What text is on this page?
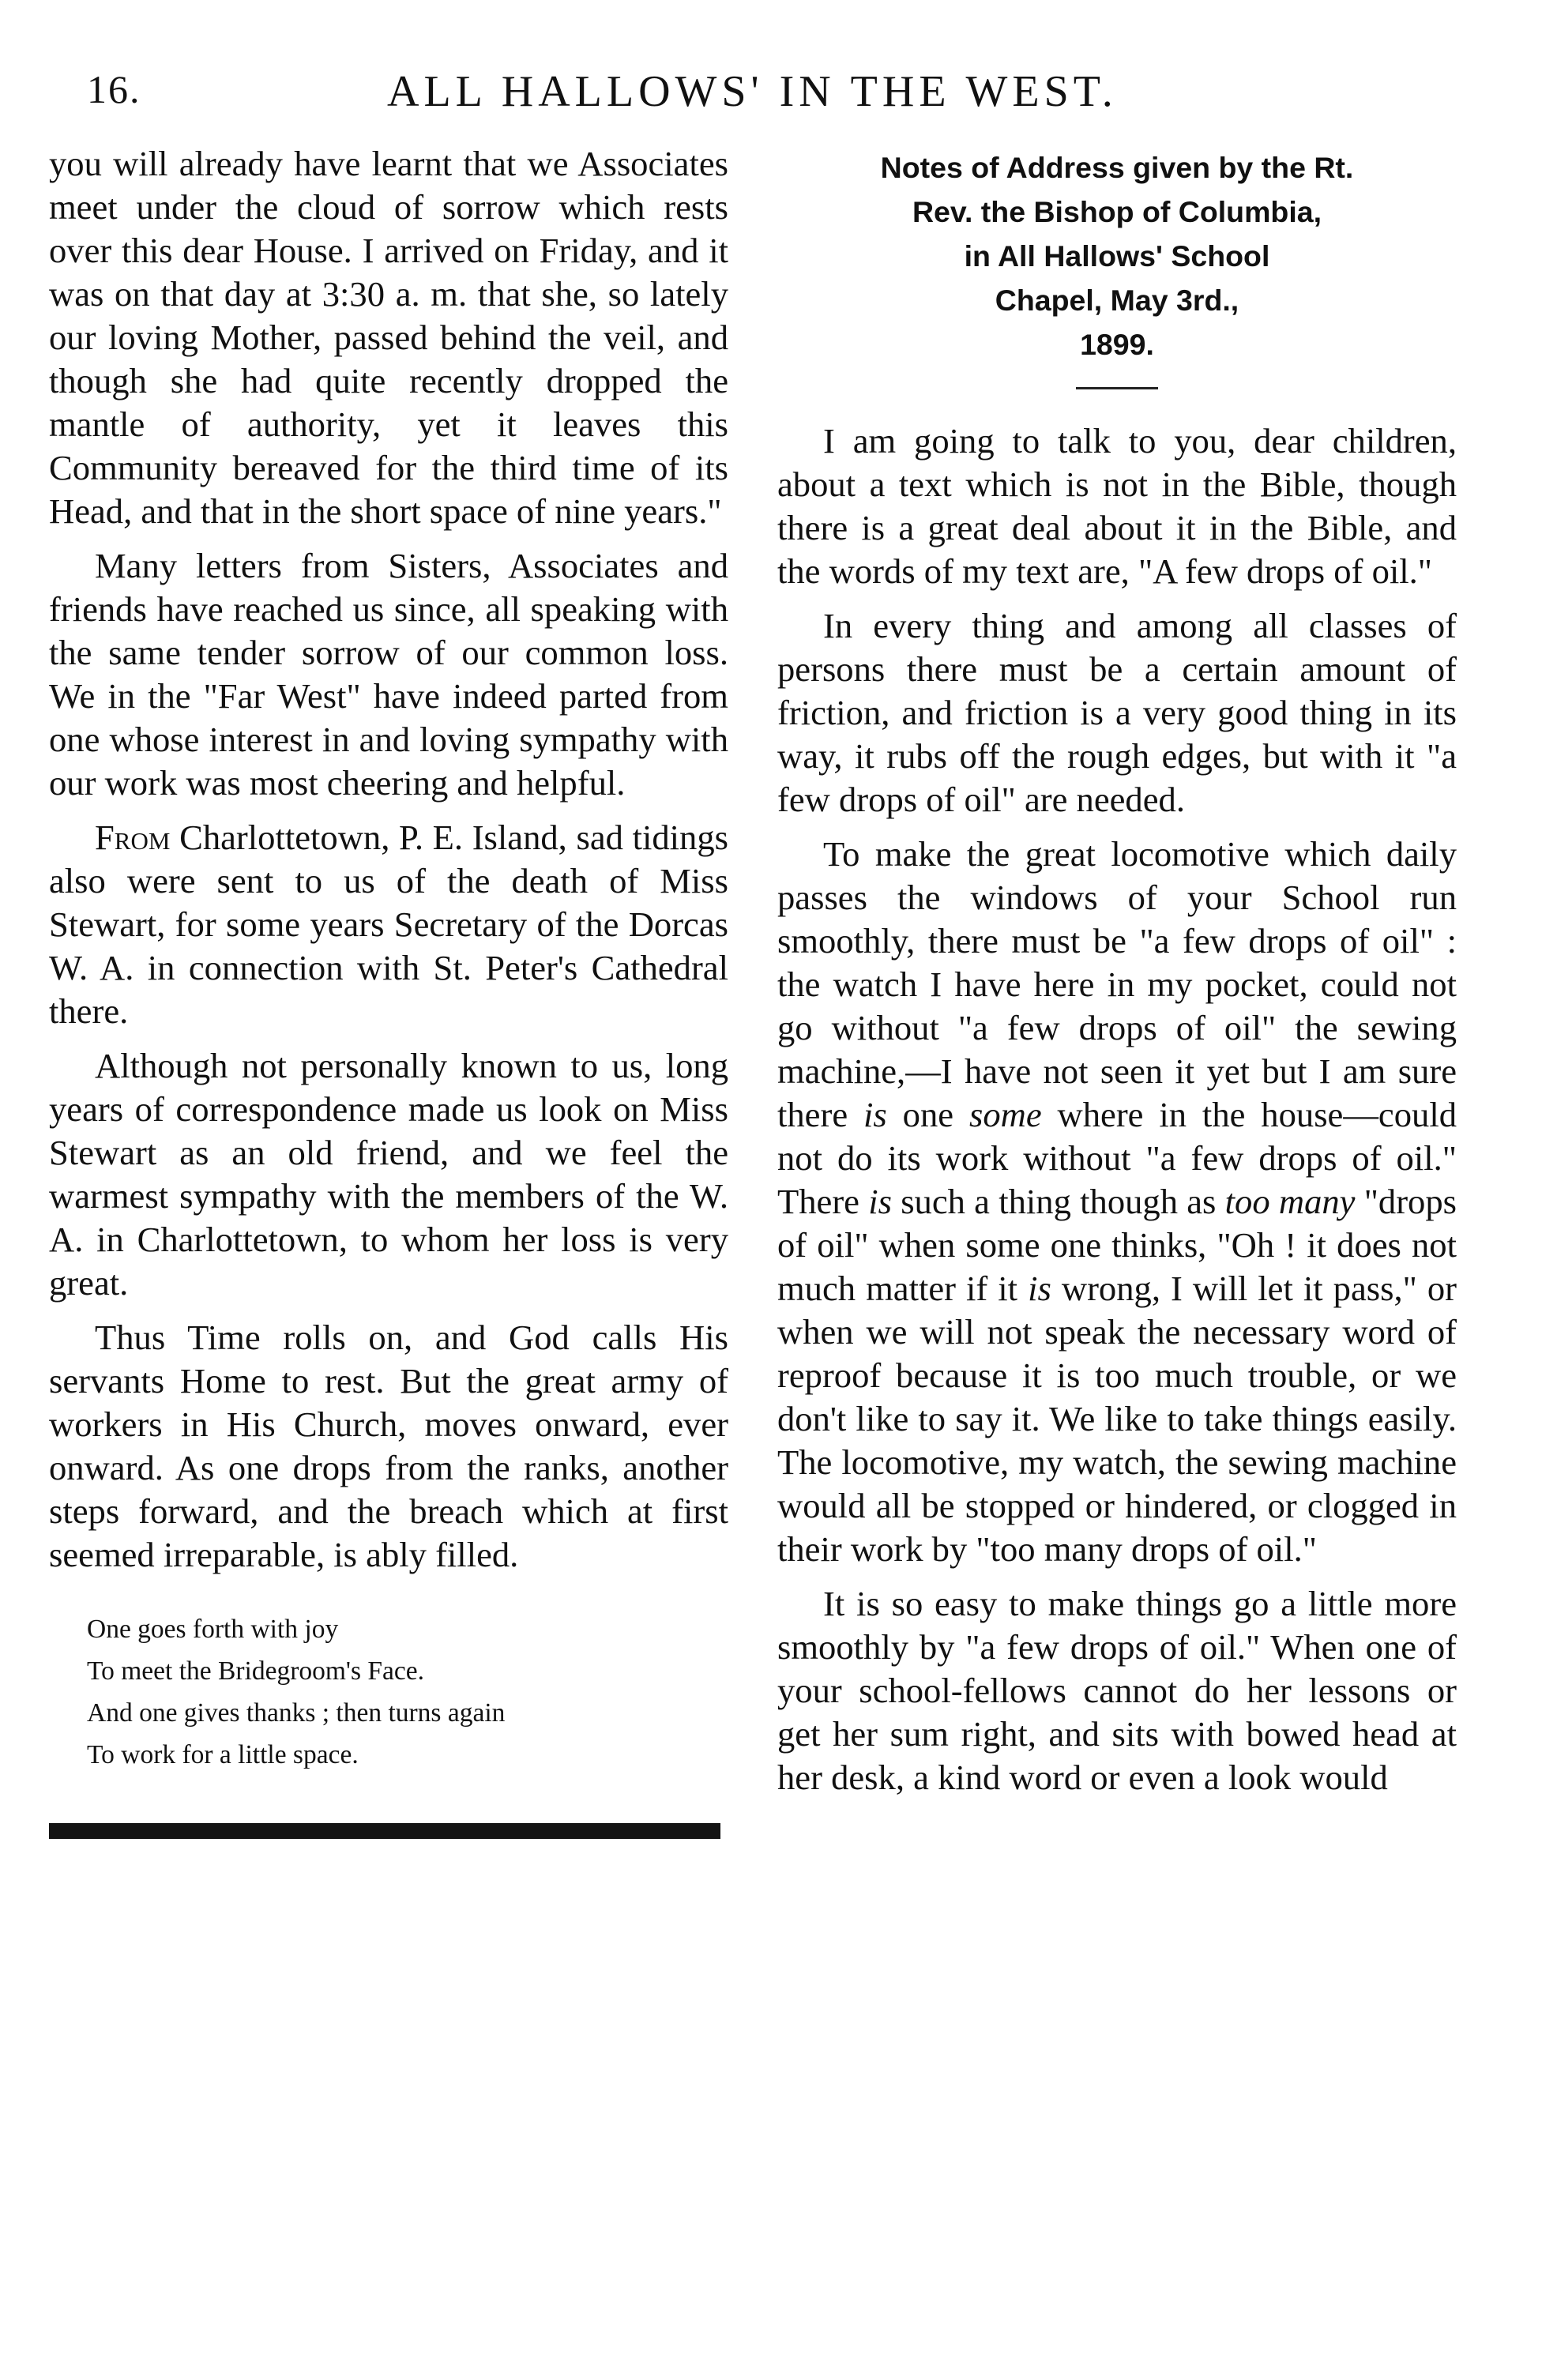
16.	ALL HALLOWS' IN THE WEST.

you will already have learnt that we Associates meet under the cloud of sorrow which rests over this dear House. I arrived on Friday, and it was on that day at 3:30 a. m. that she, so lately our loving Mother, passed behind the veil, and though she had quite recently dropped the mantle of authority, yet it leaves this Community bereaved for the third time of its Head, and that in the short space of nine years."

Many letters from Sisters, Associates and friends have reached us since, all speaking with the same tender sorrow of our common loss. We in the "Far West" have indeed parted from one whose interest in and loving sympathy with our work was most cheering and helpful.

From Charlottetown, P. E. Island, sad tidings also were sent to us of the death of Miss Stewart, for some years Secretary of the Dorcas W. A. in connection with St. Peter's Cathedral there.

Although not personally known to us, long years of correspondence made us look on Miss Stewart as an old friend, and we feel the warmest sympathy with the members of the W. A. in Charlottetown, to whom her loss is very great.

Thus Time rolls on, and God calls His servants Home to rest. But the great army of workers in His Church, moves onward, ever onward. As one drops from the ranks, another steps forward, and the breach which at first seemed irreparable, is ably filled.

One goes forth with joy
To meet the Bridegroom's Face.
And one gives thanks ; then turns again
To work for a little space.
Notes of Address given by the Rt.
Rev. the Bishop of Columbia,
in All Hallows' School
Chapel, May 3rd.,
1899.

I am going to talk to you, dear children, about a text which is not in the Bible, though there is a great deal about it in the Bible, and the words of my text are, "A few drops of oil."

In every thing and among all classes of persons there must be a certain amount of friction, and friction is a very good thing in its way, it rubs off the rough edges, but with it "a few drops of oil" are needed.

To make the great locomotive which daily passes the windows of your School run smoothly, there must be "a few drops of oil" : the watch I have here in my pocket, could not go without "a few drops of oil" the sewing machine,—I have not seen it yet but I am sure there is one some where in the house—could not do its work without "a few drops of oil." There is such a thing though as too many "drops of oil" when some one thinks, "Oh ! it does not much matter if it is wrong, I will let it pass," or when we will not speak the necessary word of reproof because it is too much trouble, or we don't like to say it. We like to take things easily. The locomotive, my watch, the sewing machine would all be stopped or hindered, or clogged in their work by "too many drops of oil."

It is so easy to make things go a little more smoothly by "a few drops of oil." When one of your school-fellows cannot do her lessons or get her sum right, and sits with bowed head at her desk, a kind word or even a look would
